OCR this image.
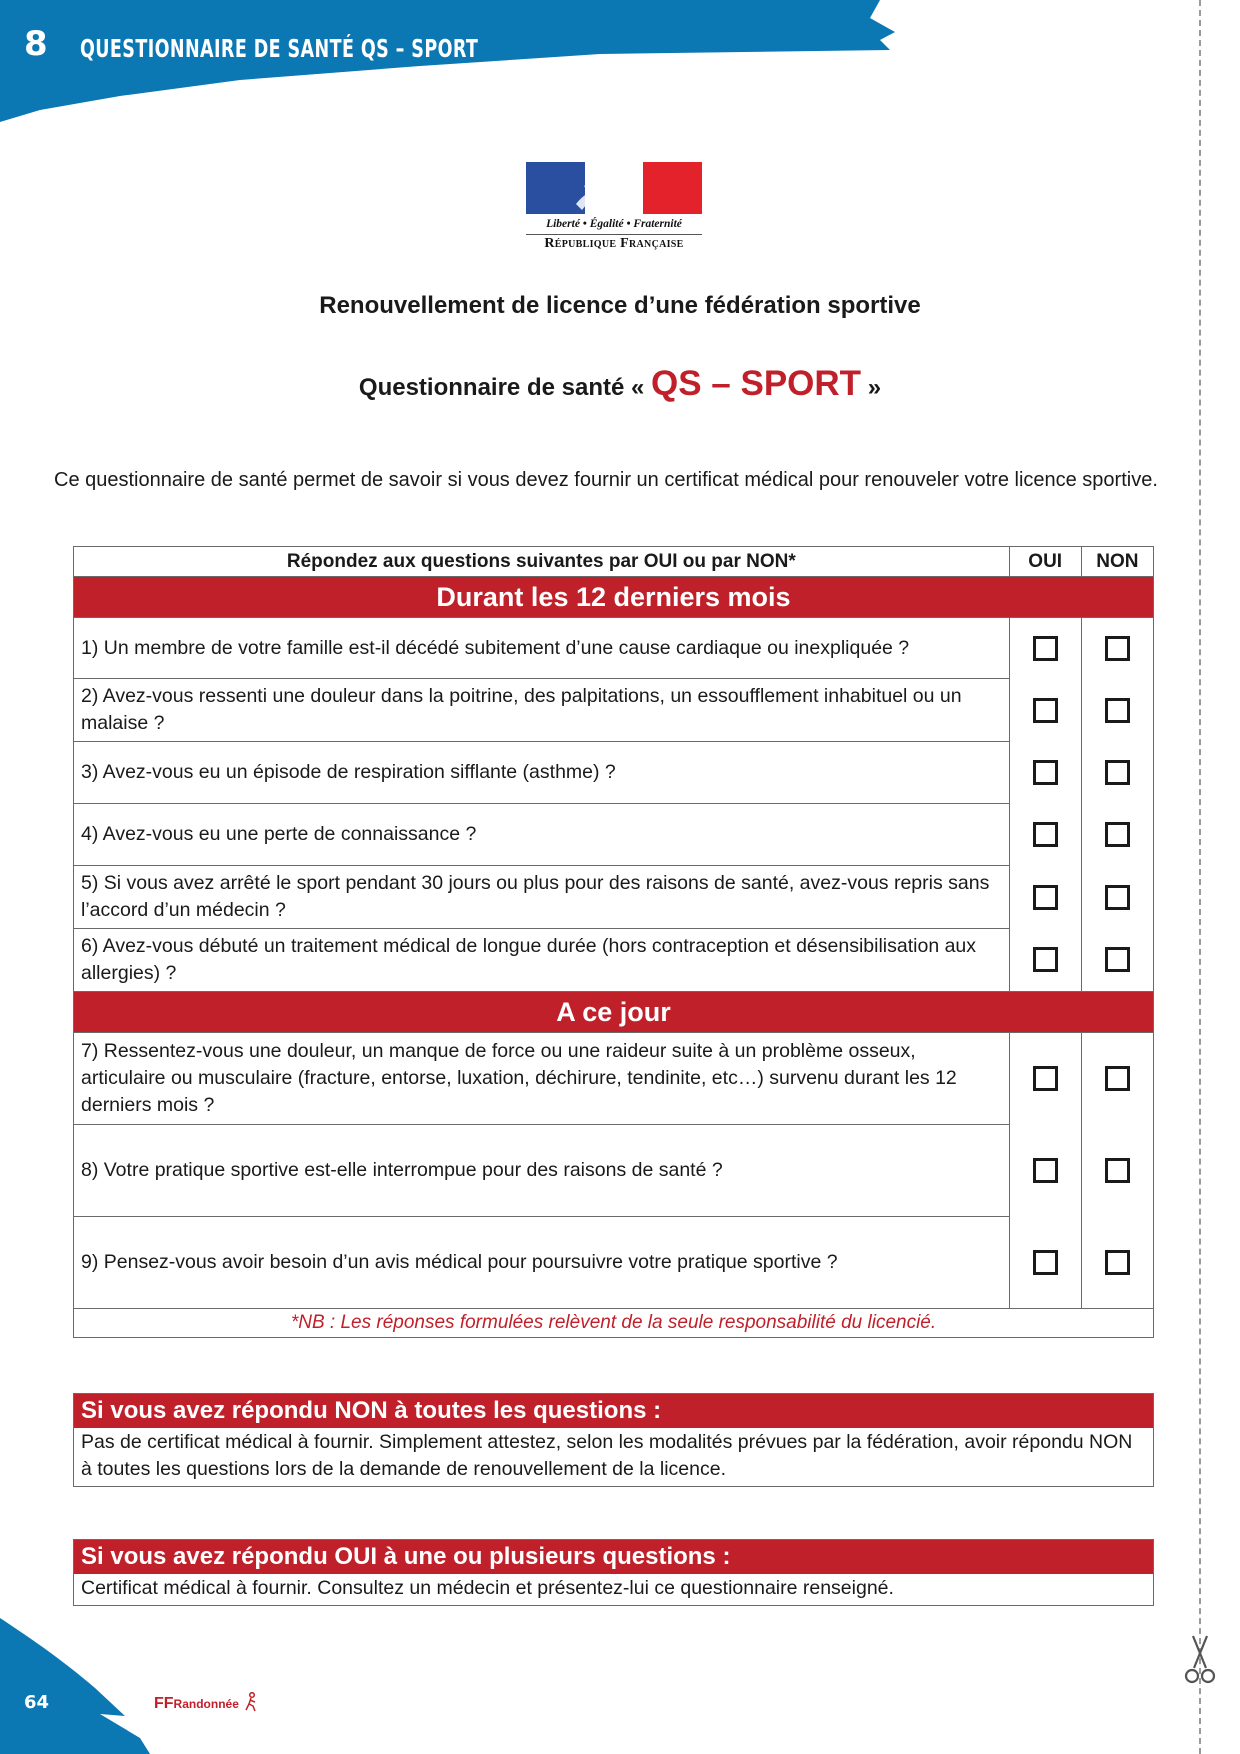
8 QUESTIONNAIRE DE SANTÉ QS – SPORT
Liberté • Égalité • Fraternité
République Française
Renouvellement de licence d’une fédération sportive
Questionnaire de santé « QS – SPORT »
Ce questionnaire de santé permet de savoir si vous devez fournir un certificat médical pour renouveler votre licence sportive.
Répondez aux questions suivantes par OUI ou par NON*	OUI	NON
Durant les 12 derniers mois		
1) Un membre de votre famille est-il décédé subitement d’une cause cardiaque ou inexpliquée ?		
2) Avez-vous ressenti une douleur dans la poitrine, des palpitations, un essoufflement inhabituel ou un malaise ?		
3) Avez-vous eu un épisode de respiration sifflante (asthme) ?		
4) Avez-vous eu une perte de connaissance ?		
5) Si vous avez arrêté le sport pendant 30 jours ou plus pour des raisons de santé, avez-vous repris sans l’accord d’un médecin ?		
6) Avez-vous débuté un traitement médical de longue durée (hors contraception et désensibilisation aux allergies) ?		
A ce jour		
7) Ressentez-vous une douleur, un manque de force ou une raideur suite à un problème osseux, articulaire ou musculaire (fracture, entorse, luxation, déchirure, tendinite, etc…) survenu durant les 12 derniers mois ?		
8) Votre pratique sportive est-elle interrompue pour des raisons de santé ?		
9) Pensez-vous avoir besoin d’un avis médical pour poursuivre votre pratique sportive ?		
*NB : Les réponses formulées relèvent de la seule responsabilité du licencié.		
Si vous avez répondu NON à toutes les questions :
Pas de certificat médical à fournir. Simplement attestez, selon les modalités prévues par la fédération, avoir répondu NON à toutes les questions lors de la demande de renouvellement de la licence.
Si vous avez répondu OUI à une ou plusieurs questions :
Certificat médical à fournir. Consultez un médecin et présentez-lui ce questionnaire renseigné.
64	FFRandonnée
